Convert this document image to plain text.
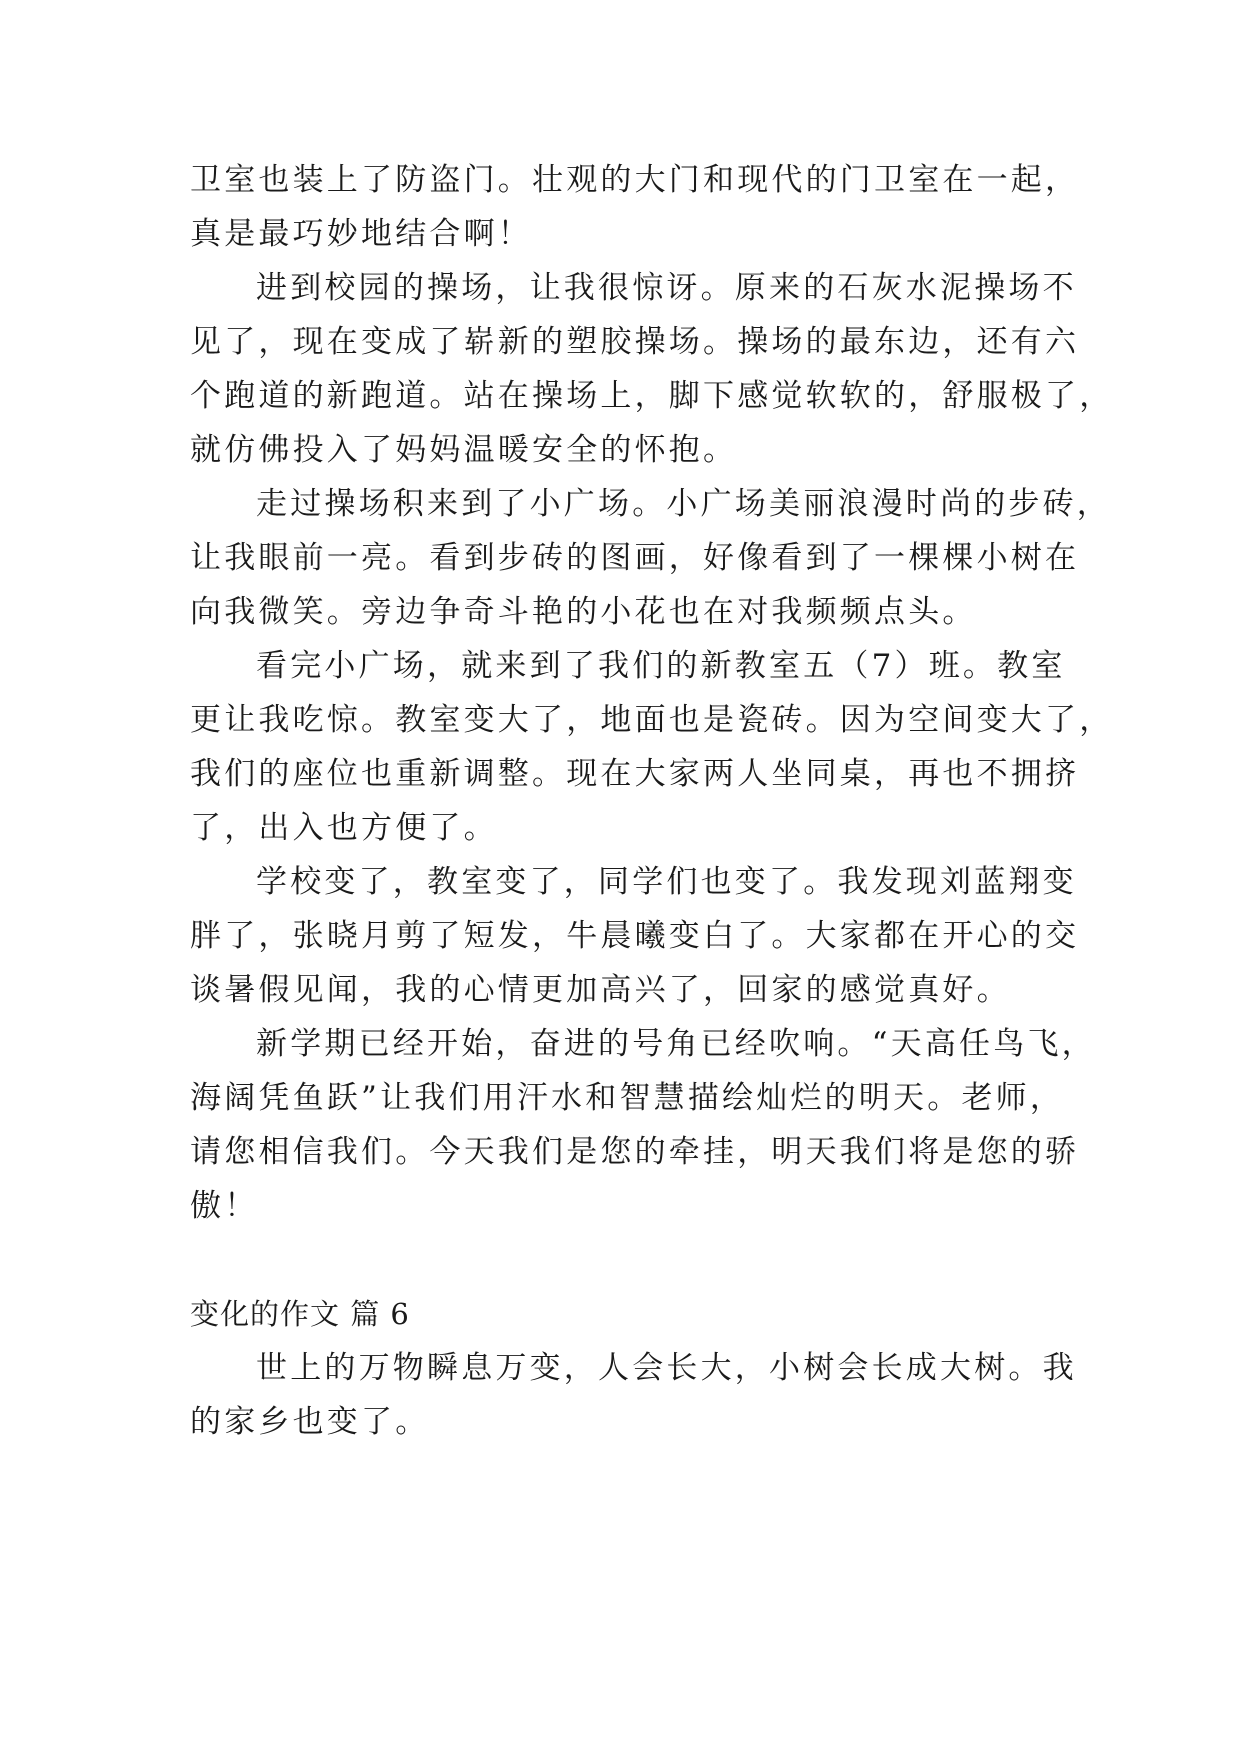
卫室也装上了防盗门。壮观的大门和现代的门卫室在一起，
真是最巧妙地结合啊！
进到校园的操场，让我很惊讶。原来的石灰水泥操场不
见了，现在变成了崭新的塑胶操场。操场的最东边，还有六
个跑道的新跑道。站在操场上，脚下感觉软软的，舒服极了，
就仿佛投入了妈妈温暖安全的怀抱。
走过操场积来到了小广场。小广场美丽浪漫时尚的步砖，
让我眼前一亮。看到步砖的图画，好像看到了一棵棵小树在
向我微笑。旁边争奇斗艳的小花也在对我频频点头。
看完小广场，就来到了我们的新教室五（7）班。教室
更让我吃惊。教室变大了，地面也是瓷砖。因为空间变大了，
我们的座位也重新调整。现在大家两人坐同桌，再也不拥挤
了，出入也方便了。
学校变了，教室变了，同学们也变了。我发现刘蓝翔变
胖了，张晓月剪了短发，牛晨曦变白了。大家都在开心的交
谈暑假见闻，我的心情更加高兴了，回家的感觉真好。
新学期已经开始，奋进的号角已经吹响。“天高任鸟飞，
海阔凭鱼跃”让我们用汗水和智慧描绘灿烂的明天。老师，
请您相信我们。今天我们是您的牵挂，明天我们将是您的骄
傲！
变化的作文 篇 6
世上的万物瞬息万变，人会长大，小树会长成大树。我
的家乡也变了。
